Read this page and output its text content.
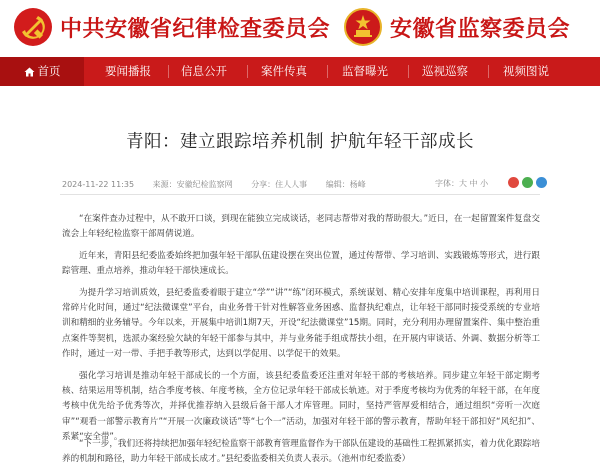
中共安徽省纪律检查委员会	安徽省监察委员会
首页	要闻播报	信息公开	案件传真	监督曝光	巡视巡察	视频图说
青阳：建立跟踪培养机制 护航年轻干部成长
2024-11-22 11:35 来源：安徽纪检监察网 分享：住人人事 编辑：杨峰	字体：大 中 小

“在案件查办过程中，从不敢开口谈，到现在能独立完成谈话，老同志帮带对我的帮助很大。”近日，在一起留置案件复盘交流会上年轻纪检监察干部周倩说道。

近年来，青阳县纪委监委始终把加强年轻干部队伍建设摆在突出位置，通过传帮带、学习培训、实践锻炼等形式，进行跟踪管理、重点培养，推动年轻干部快速成长。

为提升学习培训质效，县纪委监委着眼于建立“学”“讲”“练”闭环模式，系统谋划、精心安排年度集中培训课程，再利用日常碎片化时间，通过“纪法微课堂”平台，由业务骨干针对性解答业务困惑、监督执纪难点，让年轻干部同时接受系统的专业培训和精细的业务辅导。今年以来，开展集中培训1期7天，开设“纪法微课堂”15期。同时，充分利用办理留置案件、集中整治重点案件等契机，选派办案经验欠缺的年轻干部参与其中，并与业务能手组成帮扶小组，在开展内审谈话、外调、数据分析等工作时，通过一对一带、手把手教等形式，达到以学促用、以学促干的效果。

强化学习培训是推动年轻干部成长的一个方面，该县纪委监委还注重对年轻干部的考核培养。同步建立年轻干部定期考核、结果运用等机制，结合季度考核、年度考核，全方位记录年轻干部成长轨迹。对于季度考核均为优秀的年轻干部，在年度考核中优先给予优秀等次，并择优推荐纳入县级后备干部人才库管理。同时，坚持严管厚爱相结合，通过组织“旁听一次庭审”“观看一部警示教育片”“开展一次廉政谈话”等“七个一”活动，加强对年轻干部的警示教育，帮助年轻干部扣好“风纪扣”、系紧“安全带”。

“下一步，我们还将持续把加强年轻纪检监察干部教育管理监督作为干部队伍建设的基础性工程抓紧抓实，着力优化跟踪培养的机制和路径，助力年轻干部成长成才。”县纪委监委相关负责人表示。（池州市纪委监委）
